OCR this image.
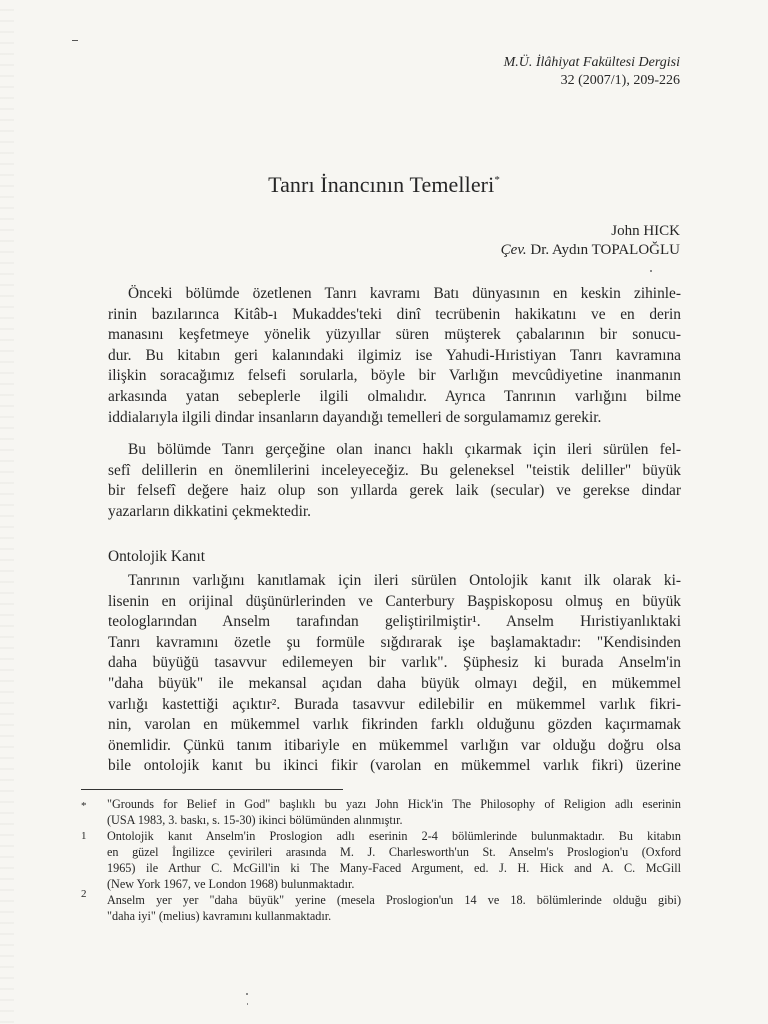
M.Ü. İlâhiyat Fakültesi Dergisi
32 (2007/1), 209-226
Tanrı İnancının Temelleri*
John HICK
Çev. Dr. Aydın TOPALOĞLU
Önceki bölümde özetlenen Tanrı kavramı Batı dünyasının en keskin zihinle-
rinin bazılarınca Kitâb-ı Mukaddes'teki dinî tecrübenin hakikatını ve en derin
manasını keşfetmeye yönelik yüzyıllar süren müşterek çabalarının bir sonucu-
dur. Bu kitabın geri kalanındaki ilgimiz ise Yahudi-Hıristiyan Tanrı kavramına
ilişkin soracağımız felsefi sorularla, böyle bir Varlığın mevcûdiyetine inanmanın
arkasında yatan sebeplerle ilgili olmalıdır. Ayrıca Tanrının varlığını bilme
iddialarıyla ilgili dindar insanların dayandığı temelleri de sorgulamamız gerekir.
Bu bölümde Tanrı gerçeğine olan inancı haklı çıkarmak için ileri sürülen fel-
sefî delillerin en önemlilerini inceleyeceğiz. Bu geleneksel "teistik deliller" büyük
bir felsefî değere haiz olup son yıllarda gerek laik (secular) ve gerekse dindar
yazarların dikkatini çekmektedir.
Ontolojik Kanıt
Tanrının varlığını kanıtlamak için ileri sürülen Ontolojik kanıt ilk olarak ki-
lisenin en orijinal düşünürlerinden ve Canterbury Başpiskoposu olmuş en büyük
teologlarından Anselm tarafından geliştirilmiştir¹. Anselm Hıristiyanlıktaki
Tanrı kavramını özetle şu formüle sığdırarak işe başlamaktadır: "Kendisinden
daha büyüğü tasavvur edilemeyen bir varlık". Şüphesiz ki burada Anselm'in
"daha büyük" ile mekansal açıdan daha büyük olmayı değil, en mükemmel
varlığı kastettiği açıktır². Burada tasavvur edilebilir en mükemmel varlık fikri-
nin, varolan en mükemmel varlık fikrinden farklı olduğunu gözden kaçırmamak
önemlidir. Çünkü tanım itibariyle en mükemmel varlığın var olduğu doğru olsa
bile ontolojik kanıt bu ikinci fikir (varolan en mükemmel varlık fikri) üzerine
*	"Grounds for Belief in God" başlıklı bu yazı John Hick'in The Philosophy of Religion adlı eserinin
(USA 1983, 3. baskı, s. 15-30) ikinci bölümünden alınmıştır.
1	Ontolojik kanıt Anselm'in Proslogion adlı eserinin 2-4 bölümlerinde bulunmaktadır. Bu kitabın
en güzel İngilizce çevirileri arasında M. J. Charlesworth'un St. Anselm's Proslogion'u (Oxford
1965) ile Arthur C. McGill'in ki The Many-Faced Argument, ed. J. H. Hick and A. C. McGill
(New York 1967, ve London 1968) bulunmaktadır.
2	Anselm yer yer "daha büyük" yerine (mesela Proslogion'un 14 ve 18. bölümlerinde olduğu gibi)
"daha iyi" (melius) kavramını kullanmaktadır.
